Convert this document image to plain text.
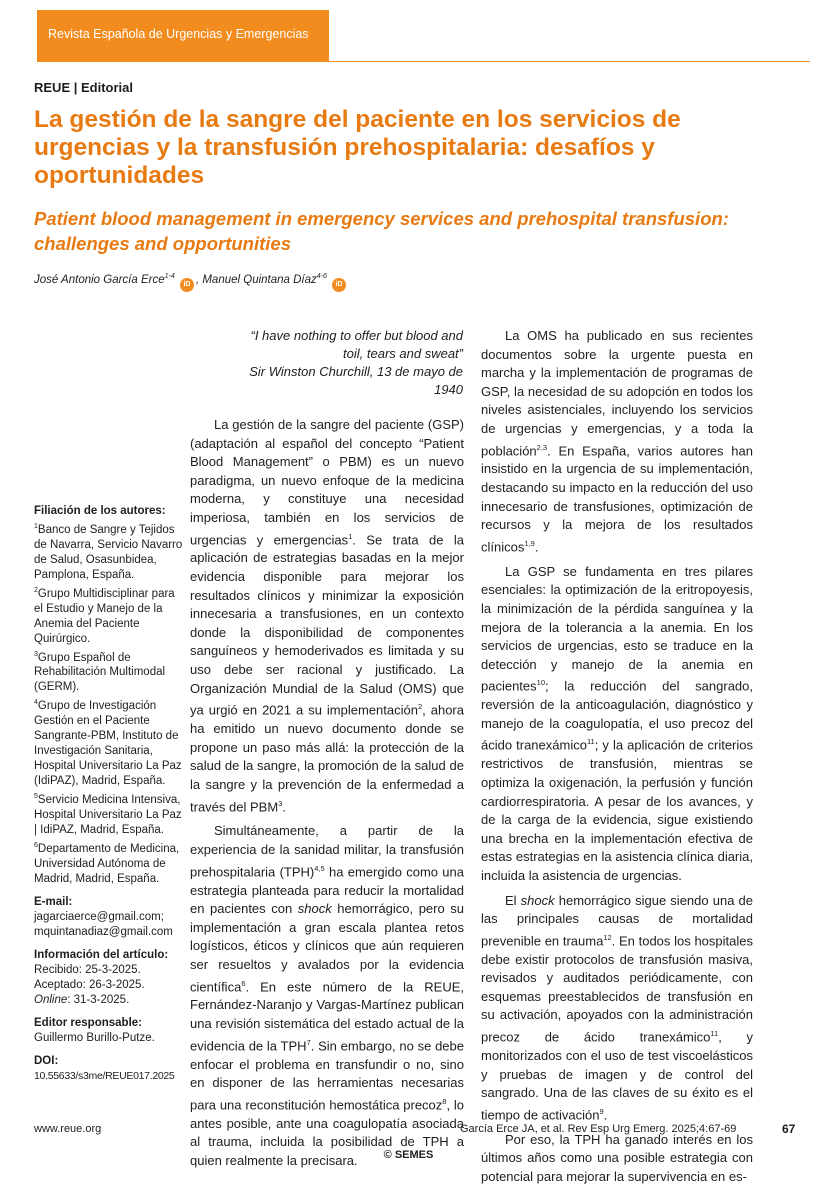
Revista Española de Urgencias y Emergencias
REUE | Editorial
La gestión de la sangre del paciente en los servicios de urgencias y la transfusión prehospitalaria: desafíos y oportunidades
Patient blood management in emergency services and prehospital transfusion: challenges and opportunities
José Antonio García Erce$^{1-4}$ iD , Manuel Quintana Díaz$^{4-6}$ iD
“I have nothing to offer but blood and
toil, tears and sweat”
Sir Winston Churchill, 13 de mayo de
1940
Filiación de los autores:
$^1$Banco de Sangre y Tejidos de Navarra, Servicio Navarro de Salud, Osasunbidea, Pamplona, España.
$^2$Grupo Multidisciplinar para el Estudio y Manejo de la Anemia del Paciente Quirúrgico.
$^3$Grupo Español de Rehabilitación Multimodal (GERM).
$^4$Grupo de Investigación Gestión en el Paciente Sangrante-PBM, Instituto de Investigación Sanitaria, Hospital Universitario La Paz (IdiPAZ), Madrid, España.
$^5$Servicio Medicina Intensiva, Hospital Universitario La Paz | IdiPAZ, Madrid, España.
$^6$Departamento de Medicina, Universidad Autónoma de Madrid, Madrid, España.
E-mail:
jagarciaerce@gmail.com;
mquintanadiaz@gmail.com
Información del artículo:
Recibido: 25-3-2025.
Aceptado: 26-3-2025.
Online: 31-3-2025.
Editor responsable:
Guillermo Burillo-Putze.
DOI:
10.55633/s3me/REUE017.2025

La gestión de la sangre del paciente (GSP) (adaptación al español del concepto “Patient Blood Management” o PBM) es un nuevo paradigma, un nuevo enfoque de la medicina moderna, y constituye una necesidad imperiosa, también en los servicios de urgencias y emergencias$^1$. Se trata de la aplicación de estrategias basadas en la mejor evidencia disponible para mejorar los resultados clínicos y minimizar la exposición innecesaria a transfusiones, en un contexto donde la disponibilidad de componentes sanguíneos y hemoderivados es limitada y su uso debe ser racional y justificado. La Organización Mundial de la Salud (OMS) que ya urgió en 2021 a su implementación$^2$, ahora ha emitido un nuevo documento donde se propone un paso más allá: la protección de la salud de la sangre, la promoción de la salud de la sangre y la prevención de la enfermedad a través del PBM$^3$.

Simultáneamente, a partir de la experiencia de la sanidad militar, la transfusión prehospitalaria (TPH)$^{4,5}$ ha emergido como una estrategia planteada para reducir la mortalidad en pacientes con shock hemorrágico, pero su implementación a gran escala plantea retos logísticos, éticos y clínicos que aún requieren ser resueltos y avalados por la evidencia científica$^6$. En este número de la REUE, Fernández-Naranjo y Vargas-Martínez publican una revisión sistemática del estado actual de la evidencia de la TPH$^7$. Sin embargo, no se debe enfocar el problema en transfundir o no, sino en disponer de las herramientas necesarias para una reconstitución hemostática precoz$^8$, lo antes posible, ante una coagulopatía asociada al trauma, incluida la posibilidad de TPH a quien realmente la precisara.

La OMS ha publicado en sus recientes documentos sobre la urgente puesta en marcha y la implementación de programas de GSP, la necesidad de su adopción en todos los niveles asistenciales, incluyendo los servicios de urgencias y emergencias, y a toda la población$^{2,3}$. En España, varios autores han insistido en la urgencia de su implementación, destacando su impacto en la reducción del uso innecesario de transfusiones, optimización de recursos y la mejora de los resultados clínicos$^{1,9}$.

La GSP se fundamenta en tres pilares esenciales: la optimización de la eritropoyesis, la minimización de la pérdida sanguínea y la mejora de la tolerancia a la anemia. En los servicios de urgencias, esto se traduce en la detección y manejo de la anemia en pacientes$^{10}$; la reducción del sangrado, reversión de la anticoagulación, diagnóstico y manejo de la coagulopatía, el uso precoz del ácido tranexámico$^{11}$; y la aplicación de criterios restrictivos de transfusión, mientras se optimiza la oxigenación, la perfusión y función cardiorrespiratoria. A pesar de los avances, y de la carga de la evidencia, sigue existiendo una brecha en la implementación efectiva de estas estrategias en la asistencia clínica diaria, incluida la asistencia de urgencias.

El shock hemorrágico sigue siendo una de las principales causas de mortalidad prevenible en trauma$^{12}$. En todos los hospitales debe existir protocolos de transfusión masiva, revisados y auditados periódicamente, con esquemas preestablecidos de transfusión en su activación, apoyados con la administración precoz de ácido tranexámico$^{11}$, y monitorizados con el uso de test viscoelásticos y pruebas de imagen y de control del sangrado. Una de las claves de su éxito es el tiempo de activación$^9$.

Por eso, la TPH ha ganado interés en los últimos años como una posible estrategia con potencial para mejorar la supervivencia en es-

www.reue.org	García Erce JA, et al. Rev Esp Urg Emerg. 2025;4:67-69	67
© SEMES
